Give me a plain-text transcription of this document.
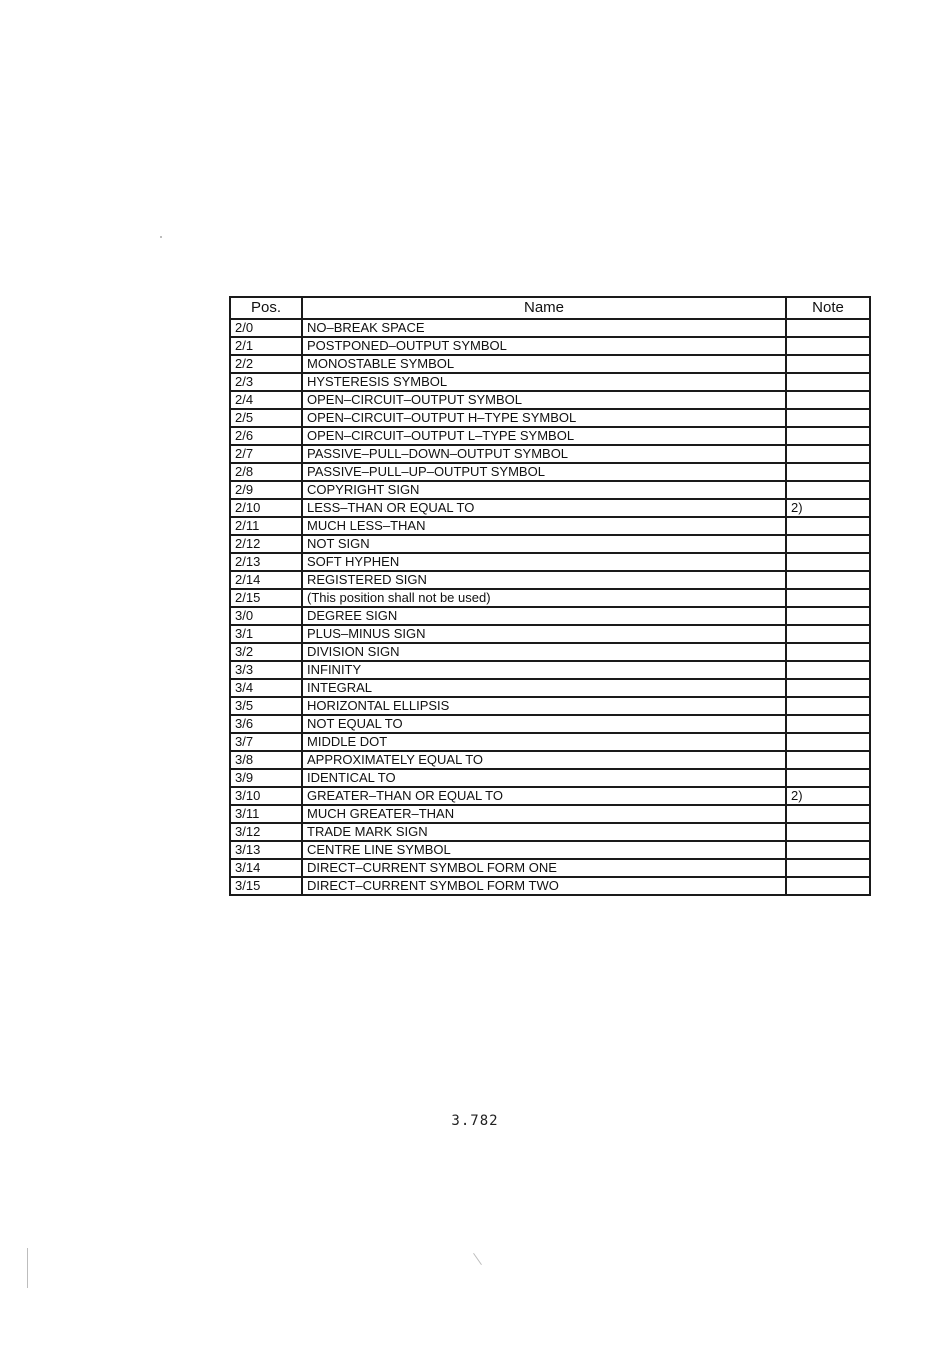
Pos.	Name	Note
2/0	NO–BREAK SPACE	
2/1	POSTPONED–OUTPUT SYMBOL	
2/2	MONOSTABLE SYMBOL	
2/3	HYSTERESIS SYMBOL	
2/4	OPEN–CIRCUIT–OUTPUT SYMBOL	
2/5	OPEN–CIRCUIT–OUTPUT H–TYPE SYMBOL	
2/6	OPEN–CIRCUIT–OUTPUT L–TYPE SYMBOL	
2/7	PASSIVE–PULL–DOWN–OUTPUT SYMBOL	
2/8	PASSIVE–PULL–UP–OUTPUT SYMBOL	
2/9	COPYRIGHT SIGN	
2/10	LESS–THAN OR EQUAL TO	2)
2/11	MUCH LESS–THAN	
2/12	NOT SIGN	
2/13	SOFT HYPHEN	
2/14	REGISTERED SIGN	
2/15	(This position shall not be used)	
3/0	DEGREE SIGN	
3/1	PLUS–MINUS SIGN	
3/2	DIVISION SIGN	
3/3	INFINITY	
3/4	INTEGRAL	
3/5	HORIZONTAL ELLIPSIS	
3/6	NOT EQUAL TO	
3/7	MIDDLE DOT	
3/8	APPROXIMATELY EQUAL TO	
3/9	IDENTICAL TO	
3/10	GREATER–THAN OR EQUAL TO	2)
3/11	MUCH GREATER–THAN	
3/12	TRADE MARK SIGN	
3/13	CENTRE LINE SYMBOL	
3/14	DIRECT–CURRENT SYMBOL FORM ONE	
3/15	DIRECT–CURRENT SYMBOL FORM TWO	
3.782
